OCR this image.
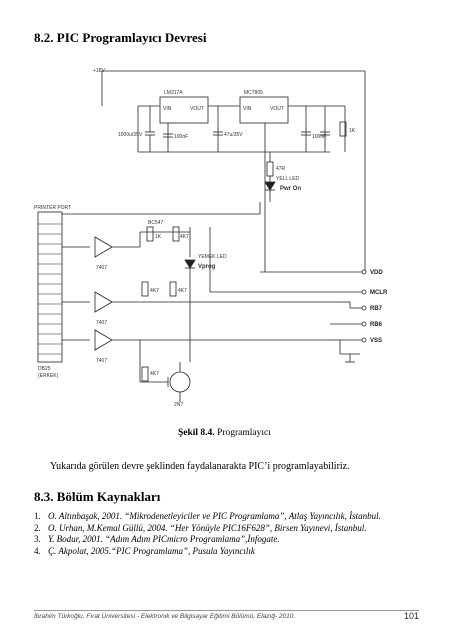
8.2. PIC Programlayıcı Devresi
+18V
LM317A
VIN	VOUT
MC7805
VIN	VOUT
1000u/35V	100nF	47u/35V	100nF
1K
47R
YELL LED
Pwr On
PRINTER PORT
DB25
(ERKEK)
BC547
1K	4K7
YEMEK LED
Vprog
7407
7407
7407
4K7	4K7
4K7
2N7
VDD
MCLR
RB7
RB6
VSS
Şekil 8.4. Programlayıcı
Yukarıda görülen devre şeklinden faydalanarakta PIC’i programlayabiliriz.
8.3. Bölüm Kaynakları
1. O. Altınbaşak, 2001. “Mikrodenetleyiciler ve PIC Programlama”, Atlaş Yayıncılık, İstanbul.
2. O. Urhan, M.Kemal Güllü, 2004. “Her Yönüyle PIC16F628”, Birsen Yayınevi, İstanbul.
3. Y. Bodur, 2001. “Adım Adım PICmicro Programlama”,İnfogate.
4. Ç. Akpolat, 2005.“PIC Programlama”, Pusula Yayıncılık
İbrahim Türkoğlu, Fırat Üniversitesi - Elektronik ve Bilgisayar Eğitimi Bölümü, Elazığ- 2010.	101
